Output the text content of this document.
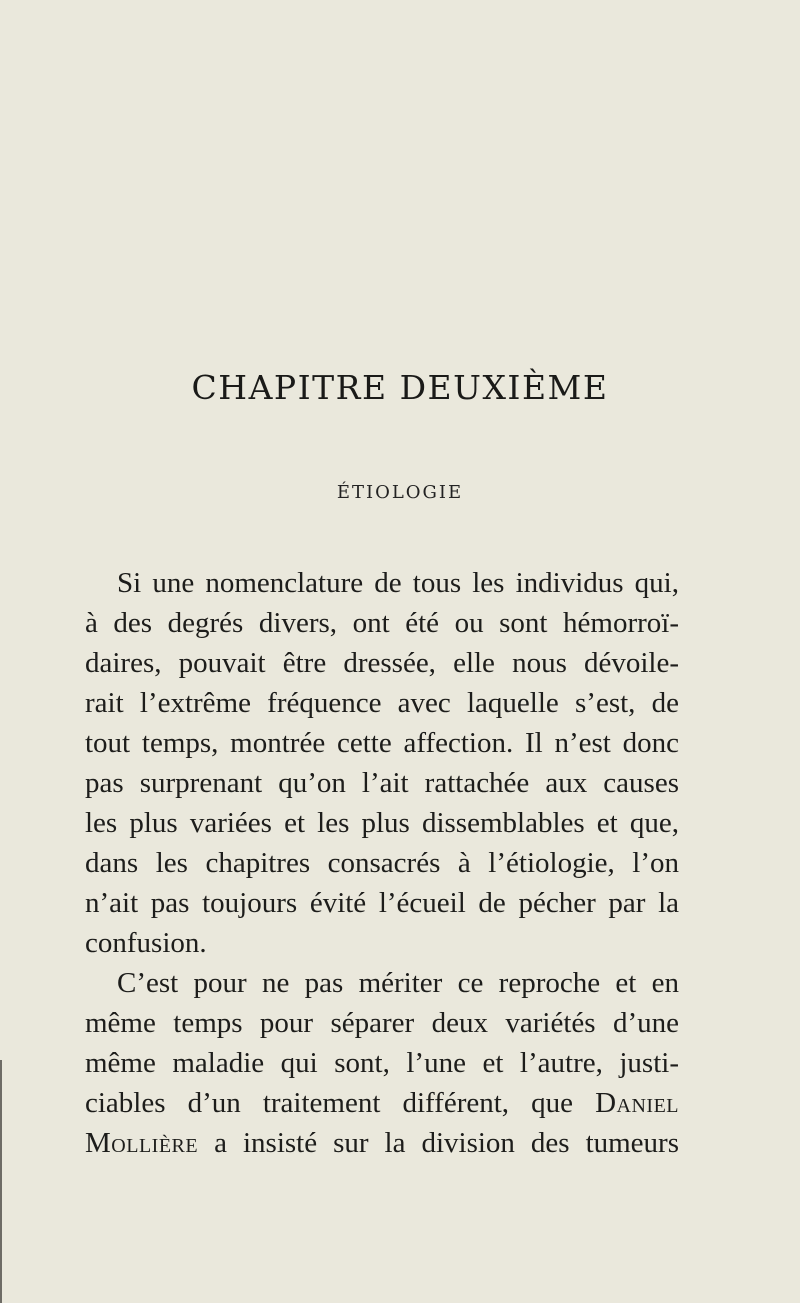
CHAPITRE DEUXIÈME
ÉTIOLOGIE
Si une nomenclature de tous les individus qui,
à des degrés divers, ont été ou sont hémorroï-
daires, pouvait être dressée, elle nous dévoile-
rait l’extrême fréquence avec laquelle s’est, de
tout temps, montrée cette affection. Il n’est donc
pas surprenant qu’on l’ait rattachée aux causes
les plus variées et les plus dissemblables et que,
dans les chapitres consacrés à l’étiologie, l’on
n’ait pas toujours évité l’écueil de pécher par la
confusion.
C’est pour ne pas mériter ce reproche et en
même temps pour séparer deux variétés d’une
même maladie qui sont, l’une et l’autre, justi-
ciables d’un traitement différent, que Daniel
Mollière a insisté sur la division des tumeurs
